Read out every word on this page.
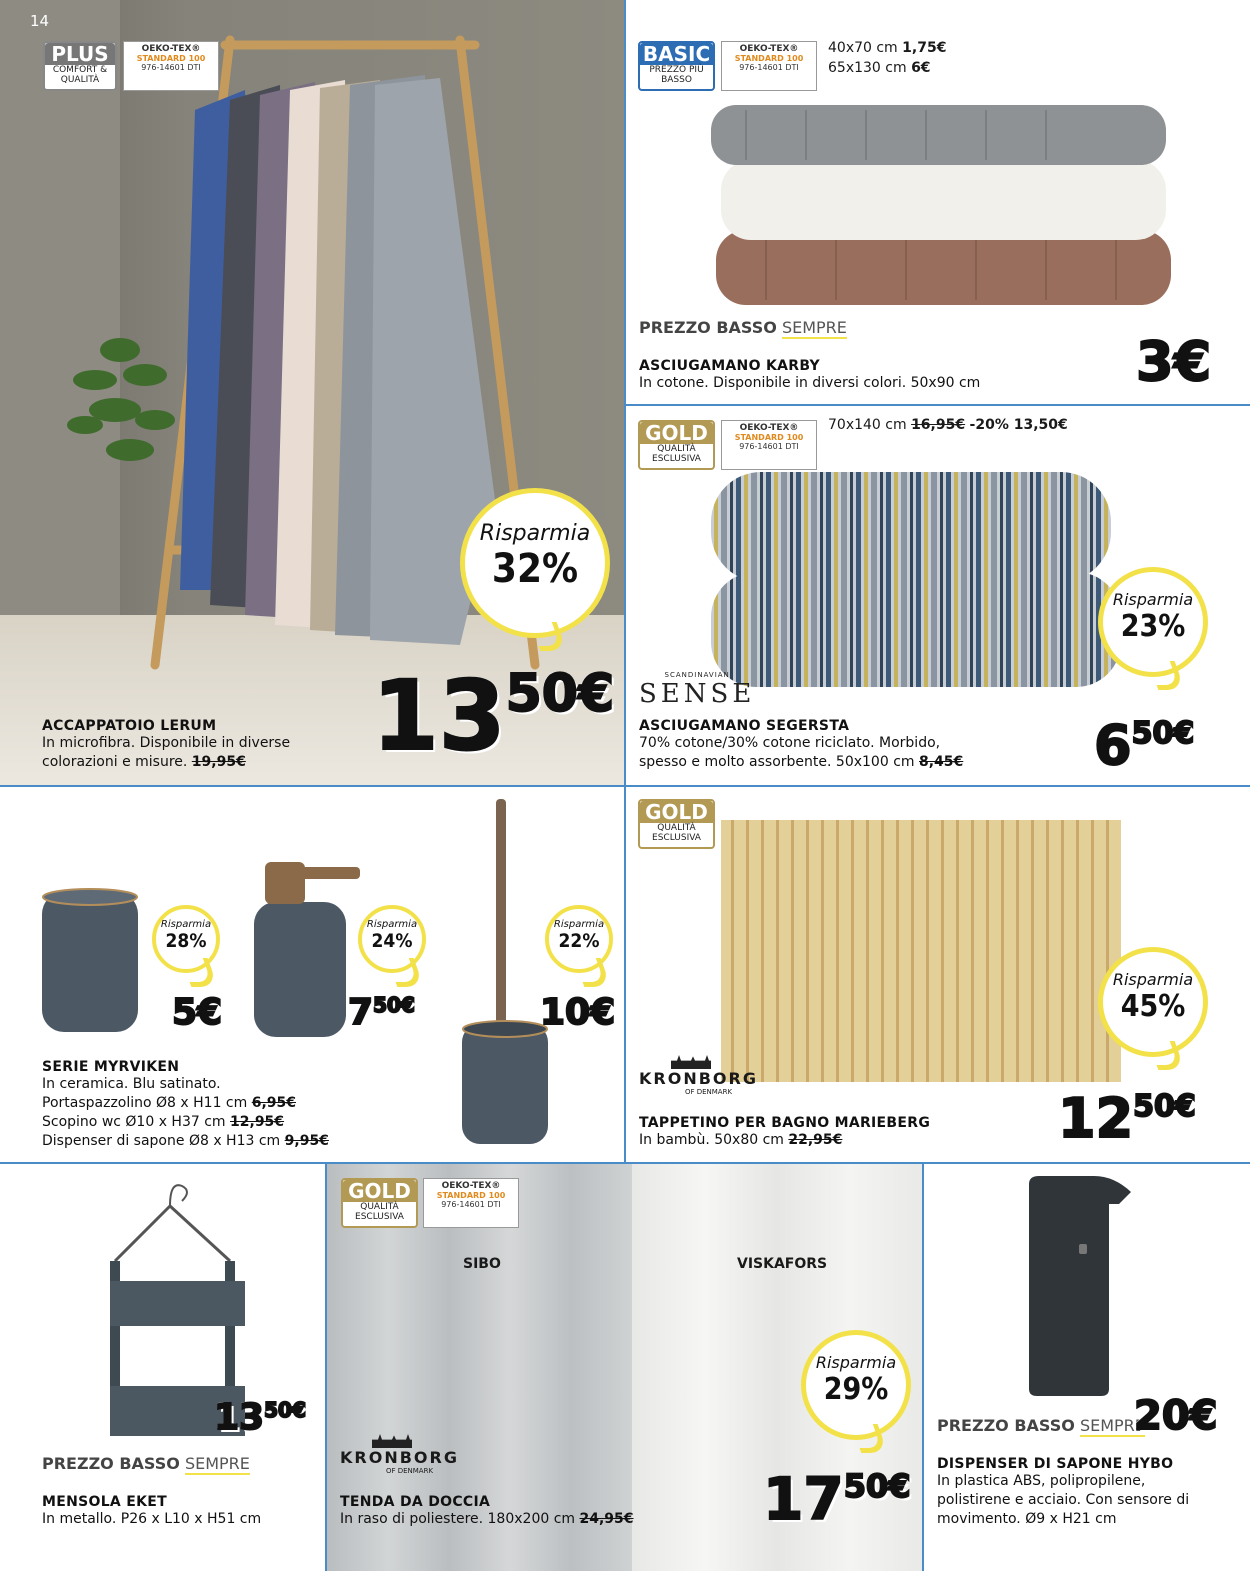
14
PLUS
COMFORT & QUALITÀ
OEKO-TEX®
STANDARD 100
976-14601 DTI
Risparmia
32%
1350€
ACCAPPATOIO LERUM
In microfibra. Disponibile in diverse
colorazioni e misure. 19,95€
BASIC
PREZZO PIÙ BASSO
OEKO-TEX®
STANDARD 100
976-14601 DTI
40x70 cm 1,75€
65x130 cm 6€
PREZZO BASSO SEMPRE
ASCIUGAMANO KARBY
In cotone. Disponibile in diversi colori. 50x90 cm	3€
GOLD
QUALITÀ ESCLUSIVA
OEKO-TEX®
STANDARD 100
976-14601 DTI
70x140 cm 16,95€ -20% 13,50€
SCANDINAVIAN
SENSE
Risparmia
23%
ASCIUGAMANO SEGERSTA
70% cotone/30% cotone riciclato. Morbido,
spesso e molto assorbente. 50x100 cm 8,45€ 650€
Risparmia
28%
5€
Risparmia
24%
750€
Risparmia
22%
10€
SERIE MYRVIKEN
In ceramica. Blu satinato.
Portaspazzolino Ø8 x H11 cm 6,95€
Scopino wc Ø10 x H37 cm 12,95€
Dispenser di sapone Ø8 x H13 cm 9,95€
GOLD
QUALITÀ ESCLUSIVA
Risparmia
45%
KRONBORG
OF DENMARK
TAPPETINO PER BAGNO MARIEBERG
In bambù. 50x80 cm 22,95€	1250€
1350€
PREZZO BASSO SEMPRE
MENSOLA EKET
In metallo. P26 x L10 x H51 cm
GOLD
QUALITÀ ESCLUSIVA
OEKO-TEX®
STANDARD 100
976-14601 DTI
SIBO	VISKAFORS
Risparmia
29%
KRONBORG
OF DENMARK
TENDA DA DOCCIA
In raso di poliestere. 180x200 cm 24,95€ 1750€
PREZZO BASSO SEMPRE
20€
DISPENSER DI SAPONE HYBO
In plastica ABS, polipropilene,
polistirene e acciaio. Con sensore di
movimento. Ø9 x H21 cm
